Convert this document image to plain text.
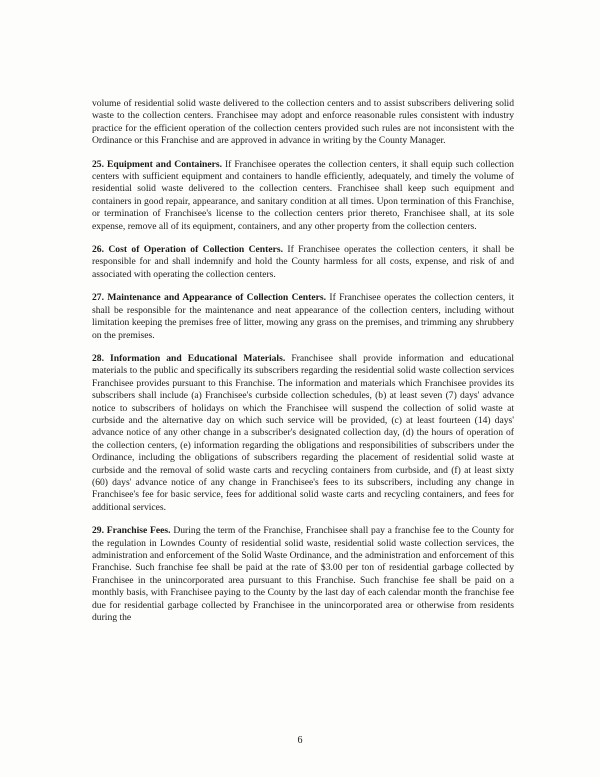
volume of residential solid waste delivered to the collection centers and to assist subscribers delivering solid waste to the collection centers. Franchisee may adopt and enforce reasonable rules consistent with industry practice for the efficient operation of the collection centers provided such rules are not inconsistent with the Ordinance or this Franchise and are approved in advance in writing by the County Manager.

25. Equipment and Containers. If Franchisee operates the collection centers, it shall equip such collection centers with sufficient equipment and containers to handle efficiently, adequately, and timely the volume of residential solid waste delivered to the collection centers. Franchisee shall keep such equipment and containers in good repair, appearance, and sanitary condition at all times. Upon termination of this Franchise, or termination of Franchisee's license to the collection centers prior thereto, Franchisee shall, at its sole expense, remove all of its equipment, containers, and any other property from the collection centers.

26. Cost of Operation of Collection Centers. If Franchisee operates the collection centers, it shall be responsible for and shall indemnify and hold the County harmless for all costs, expense, and risk of and associated with operating the collection centers.

27. Maintenance and Appearance of Collection Centers. If Franchisee operates the collection centers, it shall be responsible for the maintenance and neat appearance of the collection centers, including without limitation keeping the premises free of litter, mowing any grass on the premises, and trimming any shrubbery on the premises.

28. Information and Educational Materials. Franchisee shall provide information and educational materials to the public and specifically its subscribers regarding the residential solid waste collection services Franchisee provides pursuant to this Franchise. The information and materials which Franchisee provides its subscribers shall include (a) Franchisee's curbside collection schedules, (b) at least seven (7) days' advance notice to subscribers of holidays on which the Franchisee will suspend the collection of solid waste at curbside and the alternative day on which such service will be provided, (c) at least fourteen (14) days' advance notice of any other change in a subscriber's designated collection day, (d) the hours of operation of the collection centers, (e) information regarding the obligations and responsibilities of subscribers under the Ordinance, including the obligations of subscribers regarding the placement of residential solid waste at curbside and the removal of solid waste carts and recycling containers from curbside, and (f) at least sixty (60) days' advance notice of any change in Franchisee's fees to its subscribers, including any change in Franchisee's fee for basic service, fees for additional solid waste carts and recycling containers, and fees for additional services.

29. Franchise Fees. During the term of the Franchise, Franchisee shall pay a franchise fee to the County for the regulation in Lowndes County of residential solid waste, residential solid waste collection services, the administration and enforcement of the Solid Waste Ordinance, and the administration and enforcement of this Franchise. Such franchise fee shall be paid at the rate of $3.00 per ton of residential garbage collected by Franchisee in the unincorporated area pursuant to this Franchise. Such franchise fee shall be paid on a monthly basis, with Franchisee paying to the County by the last day of each calendar month the franchise fee due for residential garbage collected by Franchisee in the unincorporated area or otherwise from residents during the

6
